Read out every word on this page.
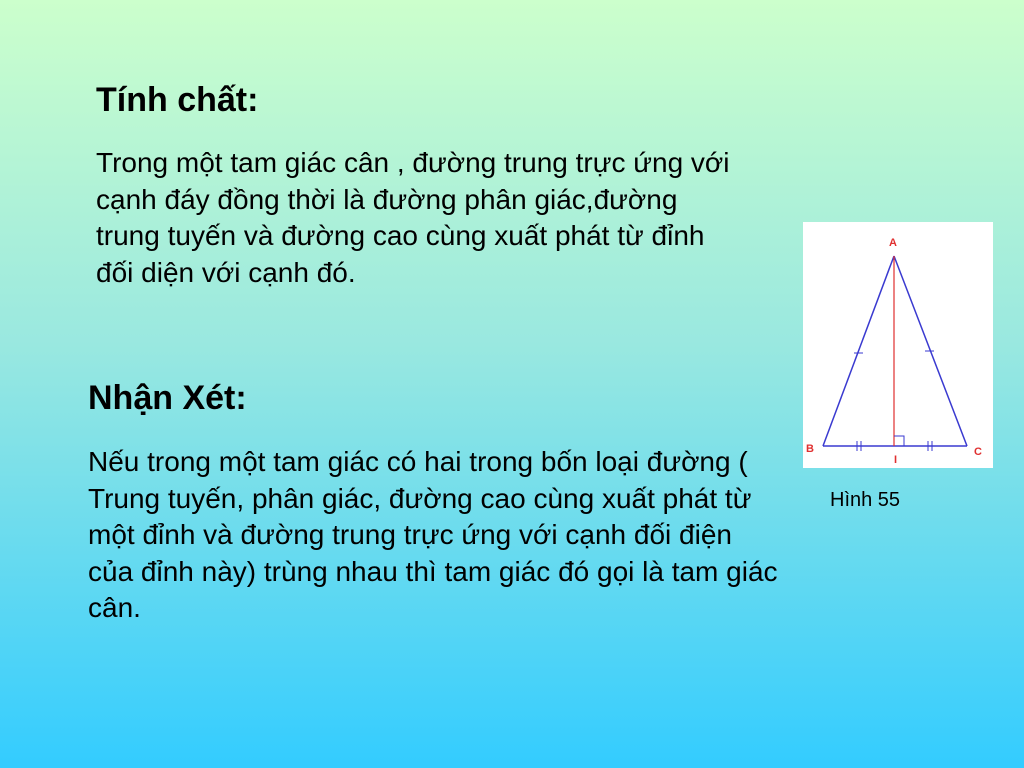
Tính chất:

Trong một tam giác cân , đường trung trực ứng với cạnh đáy đồng thời là đường phân giác,đường trung tuyến và đường cao cùng xuất phát từ đỉnh đối diện với cạnh đó.

Nhận Xét:

Nếu trong một tam giác có hai trong bốn loại đường ( Trung tuyến, phân giác, đường cao cùng xuất phát từ một đỉnh và đường trung trực ứng với cạnh đối điện của đỉnh này) trùng nhau thì tam giác đó gọi là tam giác cân.

A
B	C
I
Hình 55
